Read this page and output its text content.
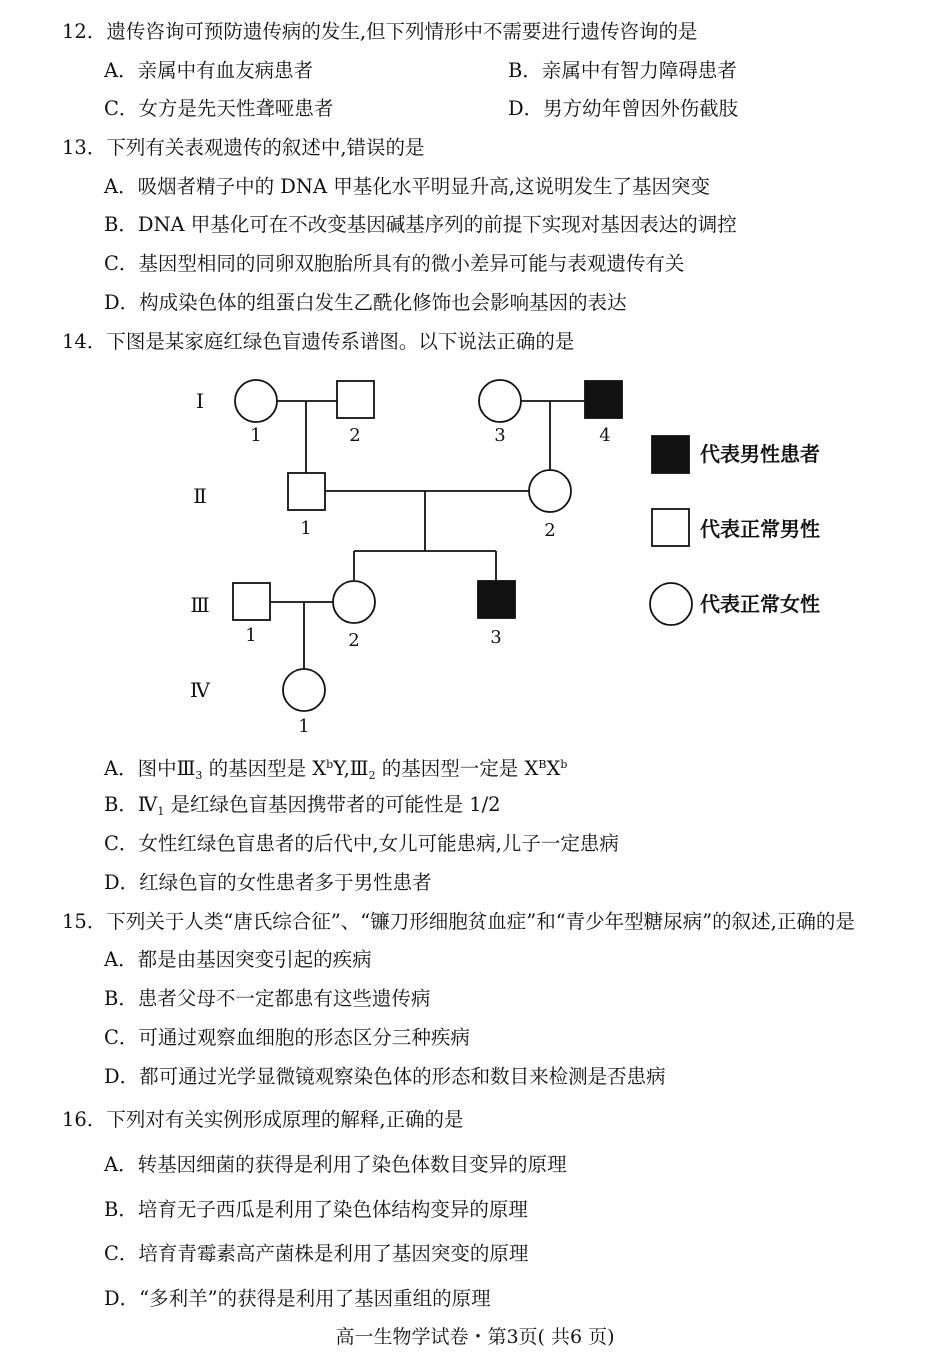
12．遗传咨询可预防遗传病的发生,但下列情形中不需要进行遗传咨询的是
A．亲属中有血友病患者	B．亲属中有智力障碍患者
C．女方是先天性聋哑患者	D．男方幼年曾因外伤截肢
13．下列有关表观遗传的叙述中,错误的是
A．吸烟者精子中的 DNA 甲基化水平明显升高,这说明发生了基因突变
B．DNA 甲基化可在不改变基因碱基序列的前提下实现对基因表达的调控
C．基因型相同的同卵双胞胎所具有的微小差异可能与表观遗传有关
D．构成染色体的组蛋白发生乙酰化修饰也会影响基因的表达
14．下图是某家庭红绿色盲遗传系谱图。以下说法正确的是
Ⅰ
Ⅱ
Ⅲ
Ⅳ
1	2	3	4
1	2
1	2	3
1
代表男性患者
代表正常男性
代表正常女性
A．图中$Ⅲ_3$ 的基因型是 $X^bY,Ⅲ_2$ 的基因型一定是 $X^BX^b$
B．$Ⅳ_1$ 是红绿色盲基因携带者的可能性是 1/2
C．女性红绿色盲患者的后代中,女儿可能患病,儿子一定患病
D．红绿色盲的女性患者多于男性患者
15．下列关于人类“唐氏综合征”、“镰刀形细胞贫血症”和“青少年型糖尿病”的叙述,正确的是
A．都是由基因突变引起的疾病
B．患者父母不一定都患有这些遗传病
C．可通过观察血细胞的形态区分三种疾病
D．都可通过光学显微镜观察染色体的形态和数目来检测是否患病
16．下列对有关实例形成原理的解释,正确的是
A．转基因细菌的获得是利用了染色体数目变异的原理
B．培育无子西瓜是利用了染色体结构变异的原理
C．培育青霉素高产菌株是利用了基因突变的原理
D．“多利羊”的获得是利用了基因重组的原理
高一生物学试卷・第3页( 共6 页)
